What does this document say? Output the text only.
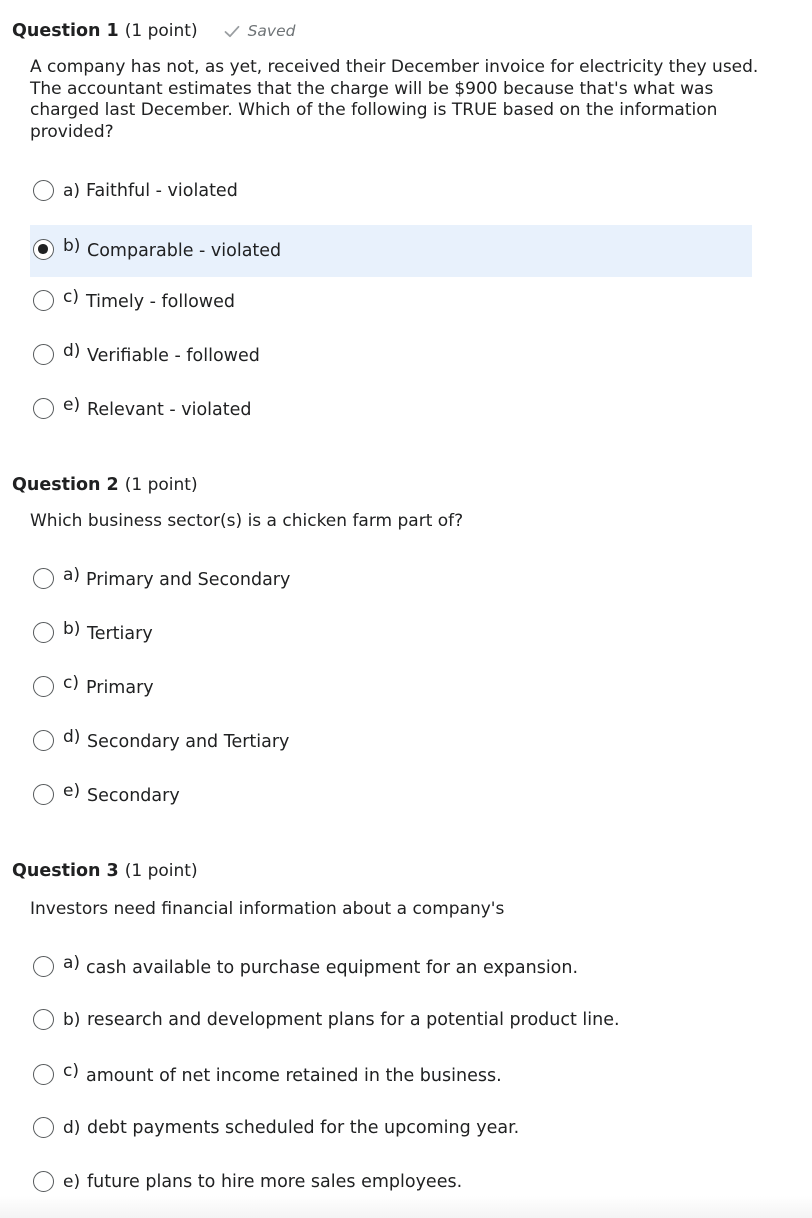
Question 1 (1 point)	Saved
A company has not, as yet, received their December invoice for electricity they used. The accountant estimates that the charge will be $900 because that's what was charged last December. Which of the following is TRUE based on the information provided?
a) Faithful - violated
b) Comparable - violated
c) Timely - followed
d) Verifiable - followed
e) Relevant - violated
Question 2 (1 point)
Which business sector(s) is a chicken farm part of?
a) Primary and Secondary
b) Tertiary
c) Primary
d) Secondary and Tertiary
e) Secondary
Question 3 (1 point)
Investors need financial information about a company's
a) cash available to purchase equipment for an expansion.
b) research and development plans for a potential product line.
c) amount of net income retained in the business.
d) debt payments scheduled for the upcoming year.
e) future plans to hire more sales employees.
